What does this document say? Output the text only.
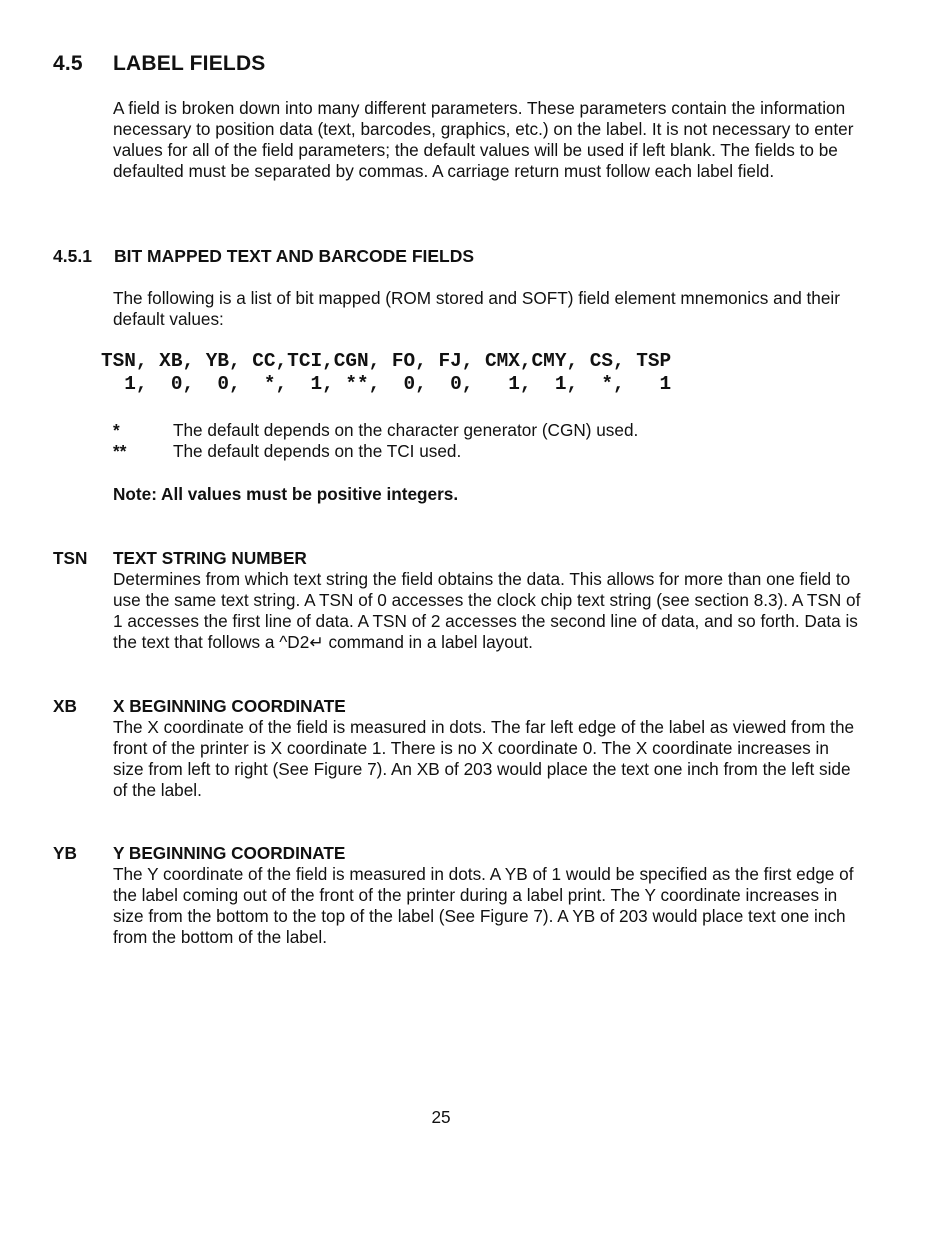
4.5 LABEL FIELDS
A field is broken down into many different parameters. These parameters contain the information necessary to position data (text, barcodes, graphics, etc.) on the label. It is not necessary to enter values for all of the field parameters; the default values will be used if left blank. The fields to be defaulted must be separated by commas. A carriage return must follow each label field.
4.5.1 BIT MAPPED TEXT AND BARCODE FIELDS
The following is a list of bit mapped (ROM stored and SOFT) field element mnemonics and their default values:
TSN, XB, YB, CC,TCI,CGN, FO, FJ, CMX,CMY, CS, TSP
1,  0,  0,  *,  1, **,  0,  0,   1,  1,  *,   1
*	The default depends on the character generator (CGN) used.
**	The default depends on the TCI used.
Note: All values must be positive integers.
TSN TEXT STRING NUMBER
Determines from which text string the field obtains the data. This allows for more than one field to use the same text string. A TSN of 0 accesses the clock chip text string (see section 8.3). A TSN of 1 accesses the first line of data. A TSN of 2 accesses the second line of data, and so forth. Data is the text that follows a ^D2↵ command in a label layout.
XB X BEGINNING COORDINATE
The X coordinate of the field is measured in dots. The far left edge of the label as viewed from the front of the printer is X coordinate 1. There is no X coordinate 0. The X coordinate increases in size from left to right (See Figure 7). An XB of 203 would place the text one inch from the left side of the label.
YB Y BEGINNING COORDINATE
The Y coordinate of the field is measured in dots. A YB of 1 would be specified as the first edge of the label coming out of the front of the printer during a label print. The Y coordinate increases in size from the bottom to the top of the label (See Figure 7). A YB of 203 would place text one inch from the bottom of the label.
25
